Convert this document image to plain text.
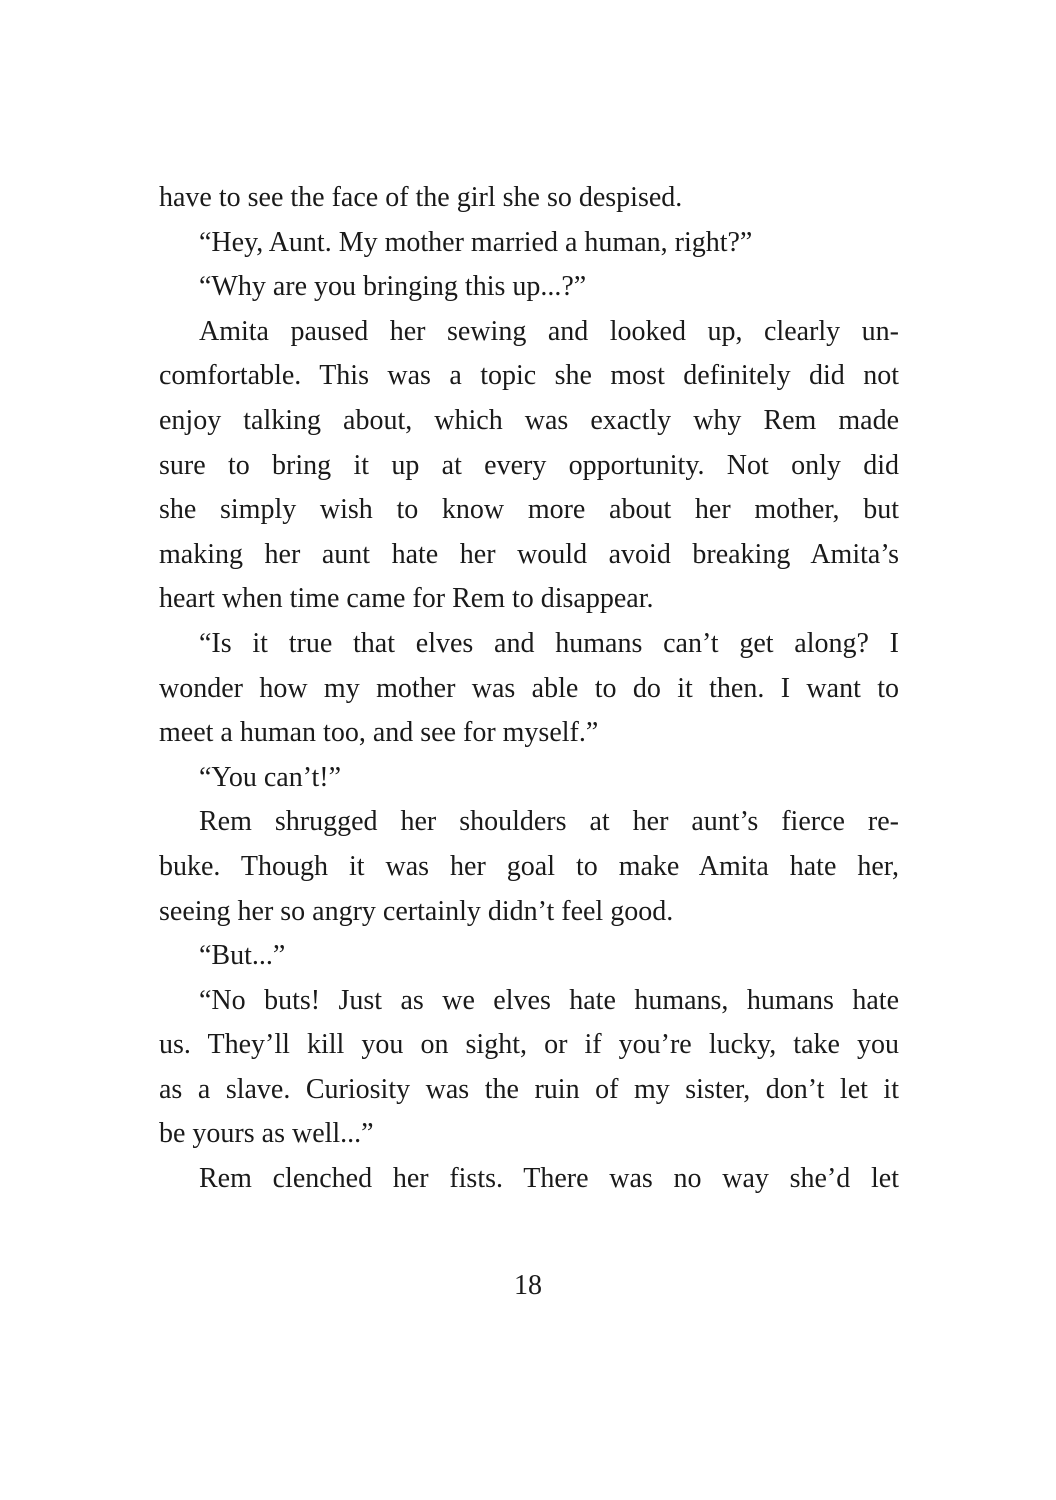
have to see the face of the girl she so despised.
“Hey, Aunt. My mother married a human, right?”
“Why are you bringing this up...?”
Amita paused her sewing and looked up, clearly un-
comfortable. This was a topic she most definitely did not
enjoy talking about, which was exactly why Rem made
sure to bring it up at every opportunity. Not only did
she simply wish to know more about her mother, but
making her aunt hate her would avoid breaking Amita’s
heart when time came for Rem to disappear.
“Is it true that elves and humans can’t get along? I
wonder how my mother was able to do it then. I want to
meet a human too, and see for myself.”
“You can’t!”
Rem shrugged her shoulders at her aunt’s fierce re-
buke. Though it was her goal to make Amita hate her,
seeing her so angry certainly didn’t feel good.
“But...”
“No buts! Just as we elves hate humans, humans hate
us. They’ll kill you on sight, or if you’re lucky, take you
as a slave. Curiosity was the ruin of my sister, don’t let it
be yours as well...”
Rem clenched her fists. There was no way she’d let
18
